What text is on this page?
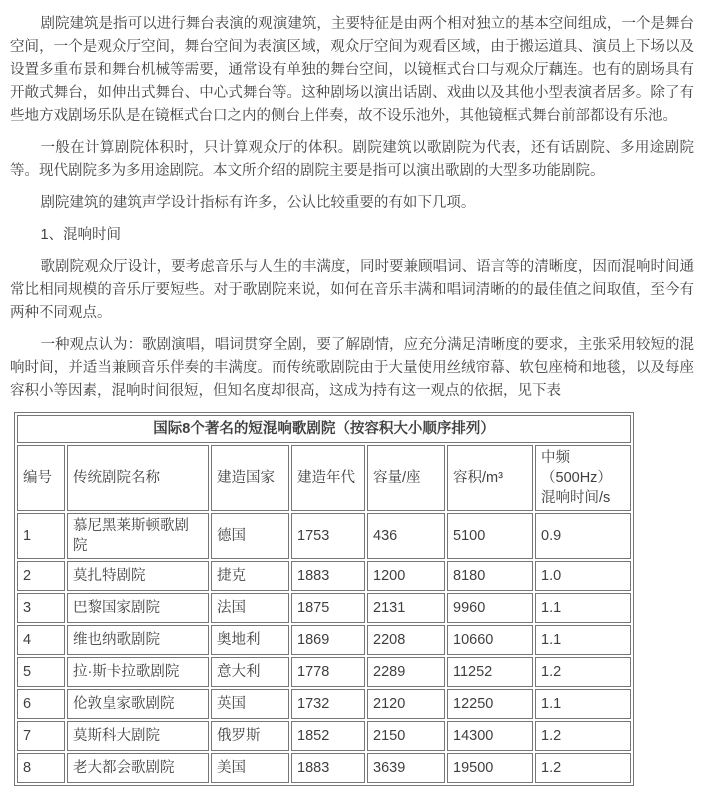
剧院建筑是指可以进行舞台表演的观演建筑，主要特征是由两个相对独立的基本空间组成，一个是舞台空间，一个是观众厅空间，舞台空间为表演区域，观众厅空间为观看区域，由于搬运道具、演员上下场以及设置多重布景和舞台机械等需要，通常设有单独的舞台空间，以镜框式台口与观众厅藕连。也有的剧场具有开敞式舞台，如伸出式舞台、中心式舞台等。这种剧场以演出话剧、戏曲以及其他小型表演者居多。除了有些地方戏剧场乐队是在镜框式台口之内的侧台上伴奏，故不设乐池外，其他镜框式舞台前部都设有乐池。

一般在计算剧院体积时，只计算观众厅的体积。剧院建筑以歌剧院为代表，还有话剧院、多用途剧院等。现代剧院多为多用途剧院。本文所介绍的剧院主要是指可以演出歌剧的大型多功能剧院。

剧院建筑的建筑声学设计指标有许多，公认比较重要的有如下几项。

1、混响时间

歌剧院观众厅设计，要考虑音乐与人生的丰满度，同时要兼顾唱词、语言等的清晰度，因而混响时间通常比相同规模的音乐厅要短些。对于歌剧院来说，如何在音乐丰满和唱词清晰的的最佳值之间取值，至今有两种不同观点。

一种观点认为：歌剧演唱，唱词贯穿全剧，要了解剧情，应充分满足清晰度的要求，主张采用较短的混响时间，并适当兼顾音乐伴奏的丰满度。而传统歌剧院由于大量使用丝绒帘幕、软包座椅和地毯，以及每座容积小等因素，混响时间很短，但知名度却很高，这成为持有这一观点的依据，见下表

国际8个著名的短混响歌剧院（按容积大小顺序排列）						
编号	传统剧院名称	建造国家	建造年代	容量/座	容积/m³	中频（500Hz）混响时间/s
1	慕尼黑莱斯顿歌剧院	德国	1753	436	5100	0.9
2	莫扎特剧院	捷克	1883	1200	8180	1.0
3	巴黎国家剧院	法国	1875	2131	9960	1.1
4	维也纳歌剧院	奥地利	1869	2208	10660	1.1
5	拉·斯卡拉歌剧院	意大利	1778	2289	11252	1.2
6	伦敦皇家歌剧院	英国	1732	2120	12250	1.1
7	莫斯科大剧院	俄罗斯	1852	2150	14300	1.2
8	老大都会歌剧院	美国	1883	3639	19500	1.2
